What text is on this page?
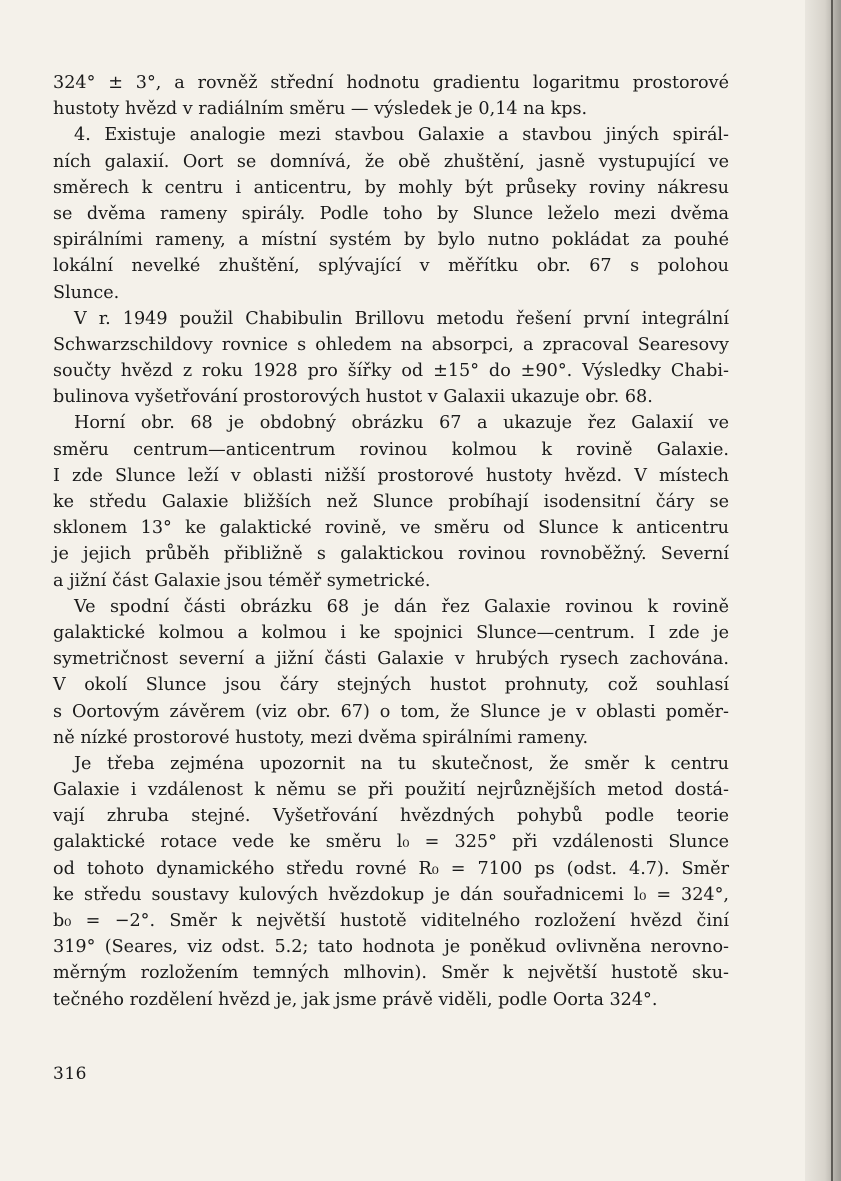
324° ± 3°, a rovněž střední hodnotu gradientu logaritmu prostorové
hustoty hvězd v radiálním směru — výsledek je 0,14 na kps.
4. Existuje analogie mezi stavbou Galaxie a stavbou jiných spirál-
ních galaxií. Oort se domnívá, že obě zhuštění, jasně vystupující ve
směrech k centru i anticentru, by mohly být průseky roviny nákresu
se dvěma rameny spirály. Podle toho by Slunce leželo mezi dvěma
spirálními rameny, a místní systém by bylo nutno pokládat za pouhé
lokální nevelké zhuštění, splývající v měřítku obr. 67 s polohou
Slunce.
V r. 1949 použil Chabibulin Brillovu metodu řešení první integrální
Schwarzschildovy rovnice s ohledem na absorpci, a zpracoval Searesovy
součty hvězd z roku 1928 pro šířky od ±15° do ±90°. Výsledky Chabi-
bulinova vyšetřování prostorových hustot v Galaxii ukazuje obr. 68.
Horní obr. 68 je obdobný obrázku 67 a ukazuje řez Galaxií ve
směru centrum—anticentrum rovinou kolmou k rovině Galaxie.
I zde Slunce leží v oblasti nižší prostorové hustoty hvězd. V místech
ke středu Galaxie bližších než Slunce probíhají isodensitní čáry se
sklonem 13° ke galaktické rovině, ve směru od Slunce k anticentru
je jejich průběh přibližně s galaktickou rovinou rovnoběžný. Severní
a jižní část Galaxie jsou téměř symetrické.
Ve spodní části obrázku 68 je dán řez Galaxie rovinou k rovině
galaktické kolmou a kolmou i ke spojnici Slunce—centrum. I zde je
symetričnost severní a jižní části Galaxie v hrubých rysech zachována.
V okolí Slunce jsou čáry stejných hustot prohnuty, což souhlasí
s Oortovým závěrem (viz obr. 67) o tom, že Slunce je v oblasti poměr-
ně nízké prostorové hustoty, mezi dvěma spirálními rameny.
Je třeba zejména upozornit na tu skutečnost, že směr k centru
Galaxie i vzdálenost k němu se při použití nejrůznějších metod dostá-
vají zhruba stejné. Vyšetřování hvězdných pohybů podle teorie
galaktické rotace vede ke směru l₀ = 325° při vzdálenosti Slunce
od tohoto dynamického středu rovné R₀ = 7100 ps (odst. 4.7). Směr
ke středu soustavy kulových hvězdokup je dán souřadnicemi l₀ = 324°,
b₀ = −2°. Směr k největší hustotě viditelného rozložení hvězd činí
319° (Seares, viz odst. 5.2; tato hodnota je poněkud ovlivněna nerovno-
měrným rozložením temných mlhovin). Směr k největší hustotě sku-
tečného rozdělení hvězd je, jak jsme právě viděli, podle Oorta 324°.
316
